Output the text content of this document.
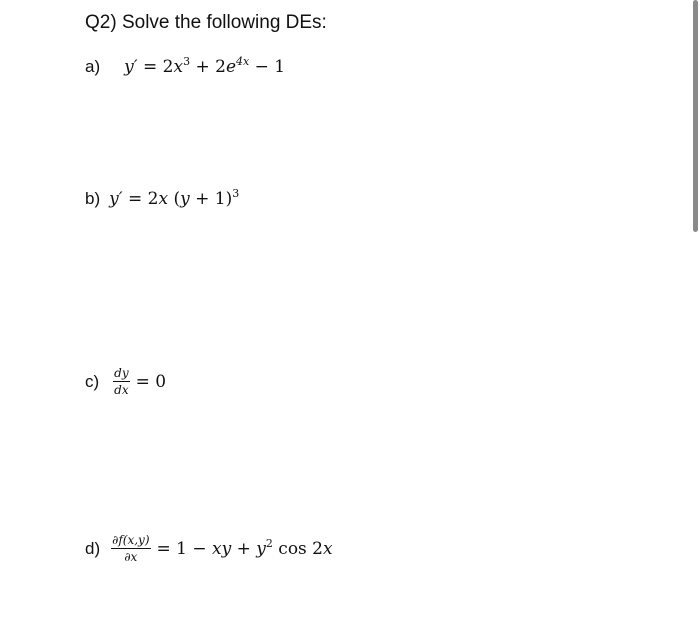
Q2) Solve the following DEs:
a) $y' = 2x^3 + 2e^{4x} - 1$
b) y′ = 2x $(y + 1)^3$
$c) \frac{dy}{dx} = 0$
$d) \frac{\partial f(x,y)}{\partial x} = 1$ − xy + $y^2$ cos 2x
